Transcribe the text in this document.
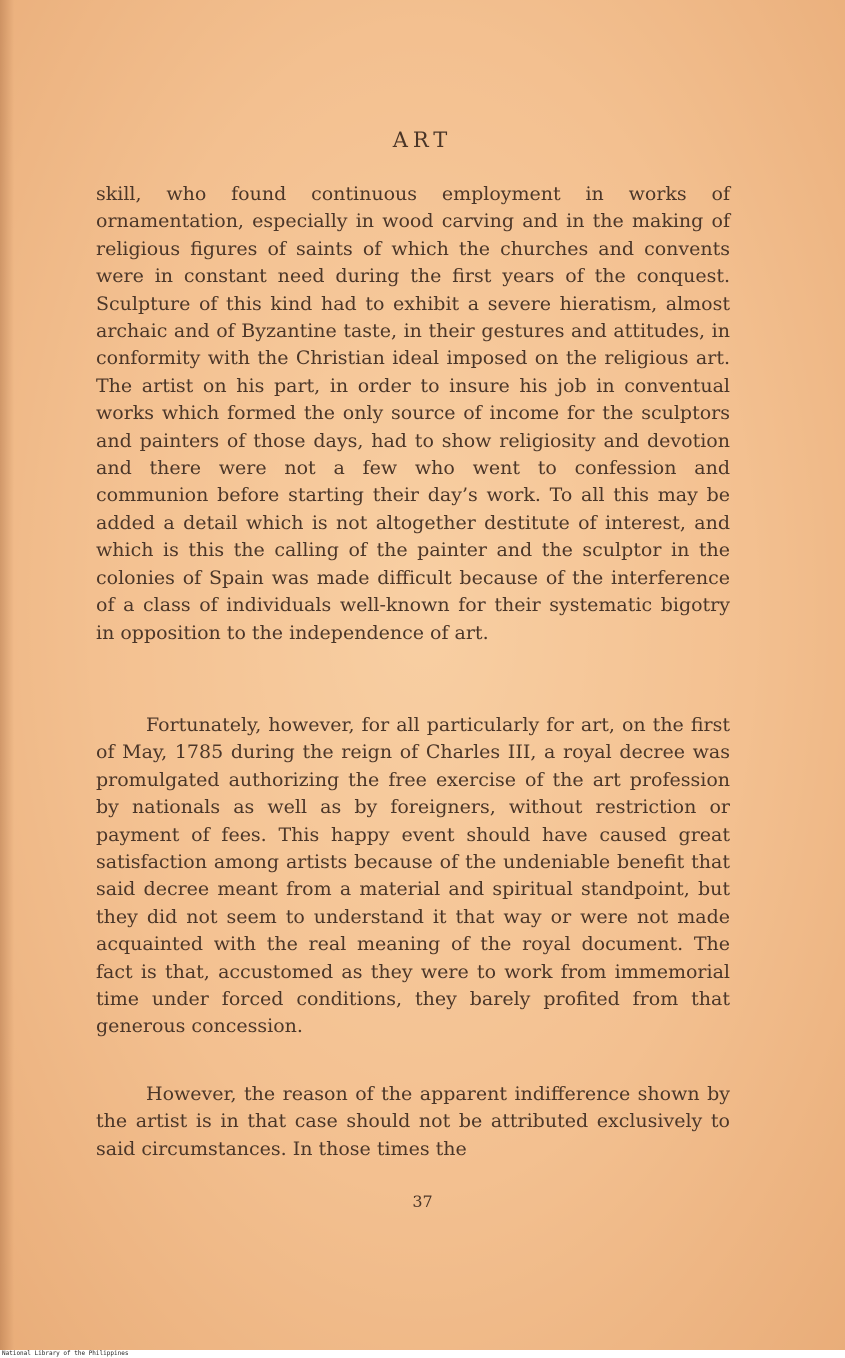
ART

skill, who found continuous employment in works of ornamentation, especially in wood carving and in the making of religious figures of saints of which the churches and convents were in constant need during the first years of the conquest. Sculpture of this kind had to exhibit a severe hieratism, almost archaic and of Byzantine taste, in their gestures and attitudes, in conformity with the Christian ideal imposed on the religious art. The artist on his part, in order to insure his job in conventual works which formed the only source of income for the sculptors and painters of those days, had to show religiosity and devotion and there were not a few who went to confession and communion before starting their day’s work. To all this may be added a detail which is not altogether destitute of interest, and which is this the calling of the painter and the sculptor in the colonies of Spain was made difficult because of the interference of a class of individuals well-known for their systematic bigotry in opposition to the independence of art.

Fortunately, however, for all particularly for art, on the first of May, 1785 during the reign of Charles III, a royal decree was promulgated authorizing the free exercise of the art profession by nationals as well as by foreigners, without restriction or payment of fees. This happy event should have caused great satisfaction among artists because of the undeniable benefit that said decree meant from a material and spiritual standpoint, but they did not seem to understand it that way or were not made acquainted with the real meaning of the royal document. The fact is that, accustomed as they were to work from immemorial time under forced conditions, they barely profited from that generous concession.

However, the reason of the apparent indifference shown by the artist is in that case should not be attributed exclusively to said circumstances. In those times the

37
National Library of the Philippines
